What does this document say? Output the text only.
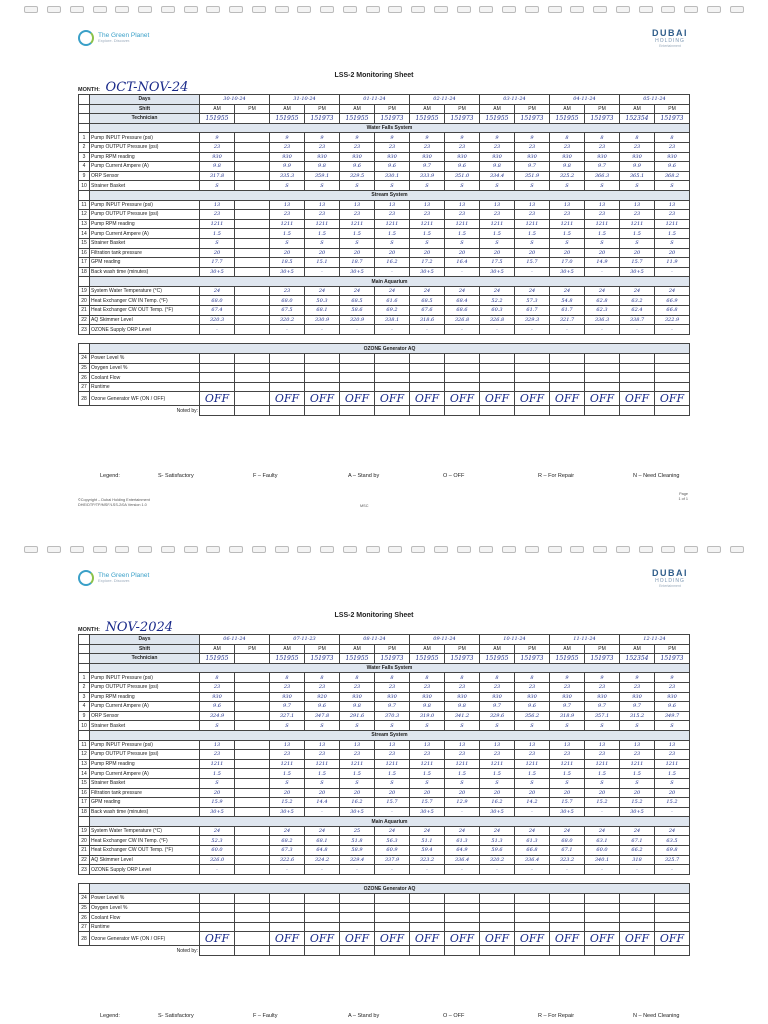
The Green Planet
Explore. Discover.
DUBAI
HOLDING
Entertainment
LSS-2 Monitoring Sheet
MONTH: OCT-NOV-24
	Days	30-10-24		31-10-24		01-11-24		02-11-24		03-11-24		04-11-24		05-11-24	
	Shift	AM	PM	AM	PM	AM	PM	AM	PM	AM	PM	AM	PM	AM	PM
	Technician	151955		151955	151973	151955	151973	151955	151973	151955	151973	151955	151973	152354	151973
	Water Falls System														
1	Pump INPUT Pressure (psi)	9		9	9	9	9	9	9	9	9	8	8	8	8
2	Pump OUTPUT Pressure (psi)	23		23	23	23	23	23	23	23	23	23	23	23	23
3	Pump RPM reading	930		930	930	930	930	930	930	930	930	930	930	930	930
4	Pump Current Ampere (A)	9.8		9.9	9.8	9.6	9.6	9.7	9.6	9.8	9.7	9.8	9.7	9.9	9.6
9	ORP Sensor	317.8		335.3	359.1	329.5	330.1	333.9	351.0	334.4	351.9	325.2	366.3	365.1	368.2
10	Strainer Basket	S		S	S	S	S	S	S	S	S	S	S	S	S
	Stream System														
11	Pump INPUT Pressure (psi)	13		13	13	13	13	13	13	13	13	13	13	13	13
12	Pump OUTPUT Pressure (psi)	23		23	23	23	23	23	23	23	23	23	23	23	23
13	Pump RPM reading	1211		1211	1211	1211	1211	1211	1211	1211	1211	1211	1211	1211	1211
14	Pump Current Ampere (A)	1.5		1.5	1.5	1.5	1.5	1.5	1.5	1.5	1.5	1.5	1.5	1.5	1.5
15	Strainer Basket	S		S	S	S	S	S	S	S	S	S	S	S	S
16	Filtration tank pressure	20		20	20	20	20	20	20	20	20	20	20	20	20
17	GPM reading	17.7		18.5	15.1	18.7	16.2	17.2	16.4	17.5	15.7	17.0	14.9	15.7	11.9
18	Back wash time (minutes)	30+5		30+5	-	30+5	-	30+5	-	30+5	-	30+5	-	30+5	-
	Main Aquarium														
19	System Water Temperature (°C)	24		23	24	24	24	24	24	24	24	24	24	24	24
20	Heat Exchanger CW IN Temp. (°F)	68.0		68.0	50.3	68.5	61.6	68.5	68.4	52.2	57.3	54.8	62.8	63.2	66.9
21	Heat Exchanger CW OUT Temp. (°F)	67.4		67.5	68.1	58.6	69.2	67.6	68.6	60.3	61.7	61.7	62.3	62.4	66.8
22	AQ Skimmer Level	320.3		320.2	330.9	320.9	338.1	318.6	326.8	326.8	329.3	321.7	336.3	338.7	322.9
23	OZONE Supply ORP Level	-		-	-	-	-	-	-	-	-	-	-	-	-

	OZONE Generator AQ														
24	Power Level %														
25	Oxygen Level %														
26	Coolant Flow														
27	Runtime														
28	Ozone Generator WF (ON / OFF)	OFF		OFF	OFF	OFF	OFF	OFF	OFF	OFF	OFF	OFF	OFF	OFF	OFF
	Noted by:														
Legend:	S- Satisfactory	F – Faulty	A – Stand by	O – OFF	R – For Repair	N – Need Cleaning
©Copyright – Dubai Holding Entertainment
DHE/DTP/TP/MSF/LSS-2/0A Version 1.0	MSC
Page
1 of 1
The Green Planet
Explore. Discover.
DUBAI
HOLDING
Entertainment
LSS-2 Monitoring Sheet
MONTH: NOV-2024
	Days	06-11-24		07-11-23		08-11-24		09-11-24		10-11-24		11-11-24		12-11-24	
	Shift	AM	PM	AM	PM	AM	PM	AM	PM	AM	PM	AM	PM	AM	PM
	Technician	151955		151955	151973	151955	151973	151955	151973	151955	151973	151955	151973	152354	151973
	Water Falls System														
1	Pump INPUT Pressure (psi)	8		8	8	8	8	8	8	8	8	9	9	9	9
2	Pump OUTPUT Pressure (psi)	23		23	23	23	23	23	23	23	23	23	23	23	23
3	Pump RPM reading	930		930	920	930	930	930	930	930	930	930	930	930	930
4	Pump Current Ampere (A)	9.6		9.7	9.6	9.8	9.7	9.8	9.8	9.7	9.6	9.7	9.7	9.7	9.6
9	ORP Sensor	324.9		327.1	347.8	291.6	370.3	319.0	341.2	329.6	356.2	318.9	357.1	315.2	349.7
10	Strainer Basket	S		S	S	S	S	S	S	S	S	S	S	S	S
	Stream System														
11	Pump INPUT Pressure (psi)	13		13	13	13	13	13	13	13	13	13	13	13	13
12	Pump OUTPUT Pressure (psi)	23		23	23	23	23	23	23	23	23	23	23	23	23
13	Pump RPM reading	1211		1211	1211	1211	1211	1211	1211	1211	1211	1211	1211	1211	1211
14	Pump Current Ampere (A)	1.5		1.5	1.5	1.5	1.5	1.5	1.5	1.5	1.5	1.5	1.5	1.5	1.5
15	Strainer Basket	S		S	S	S	S	S	S	S	S	S	S	S	S
16	Filtration tank pressure	20		20	20	20	20	20	20	20	20	20	20	20	20
17	GPM reading	15.9		15.2	14.4	16.2	15.7	15.7	12.9	16.2	14.2	15.7	15.2	15.2	15.2
18	Back wash time (minutes)	30+5		30+5	-	30+5	-	30+5	-	30+5	-	30+5	-	30+5	-
	Main Aquarium														
19	System Water Temperature (°C)	24		24	24	25	24	24	24	24	24	24	24	24	24
20	Heat Exchanger CW IN Temp. (°F)	52.3		68.2	68.1	51.8	56.3	51.1	61.3	51.3	61.3	68.0	63.1	67.1	63.5
21	Heat Exchanger CW OUT Temp. (°F)	60.0		67.3	64.8	58.9	60.9	59.4	64.9	59.6	66.8	67.1	60.0	66.2	69.8
22	AQ Skimmer Level	326.0		322.6	324.2	329.4	337.9	323.2	336.4	320.2	336.4	323.2	340.1	318	325.7
23	OZONE Supply ORP Level	-		-	-	-	-	-	-	-	-	-	-	-	-

	OZONE Generator AQ														
24	Power Level %														
25	Oxygen Level %														
26	Coolant Flow														
27	Runtime														
28	Ozone Generator WF (ON / OFF)	OFF		OFF	OFF	OFF	OFF	OFF	OFF	OFF	OFF	OFF	OFF	OFF	OFF
	Noted by:														
Legend:	S- Satisfactory	F – Faulty	A – Stand by	O – OFF	R – For Repair	N – Need Cleaning
